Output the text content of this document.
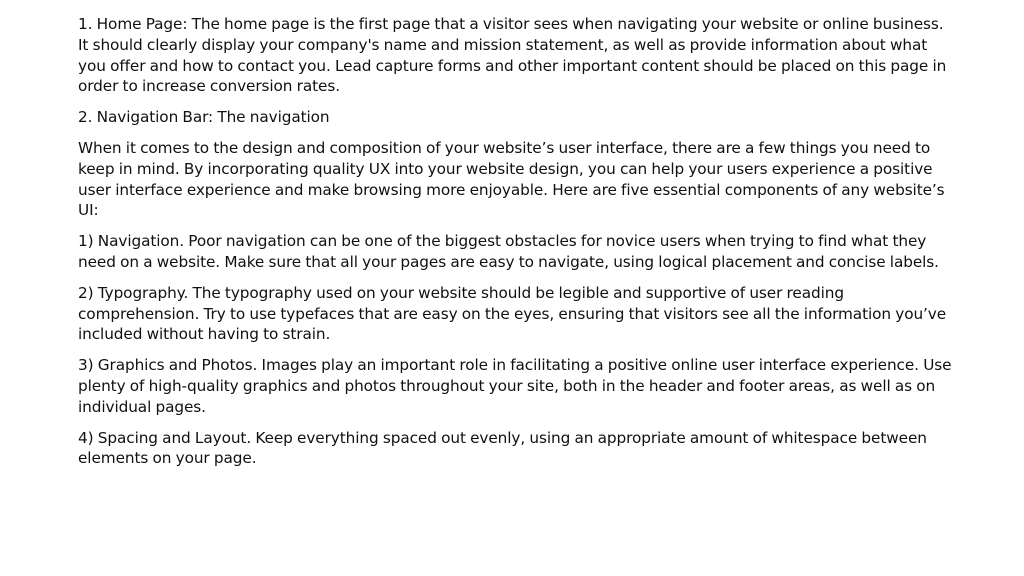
1. Home Page: The home page is the first page that a visitor sees when navigating your website or online business. It should clearly display your company's name and mission statement, as well as provide information about what you offer and how to contact you. Lead capture forms and other important content should be placed on this page in order to increase conversion rates.

2. Navigation Bar: The navigation

When it comes to the design and composition of your website’s user interface, there are a few things you need to keep in mind. By incorporating quality UX into your website design, you can help your users experience a positive user interface experience and make browsing more enjoyable. Here are five essential components of any website’s UI:

1) Navigation. Poor navigation can be one of the biggest obstacles for novice users when trying to find what they need on a website. Make sure that all your pages are easy to navigate, using logical placement and concise labels.

2) Typography. The typography used on your website should be legible and supportive of user reading comprehension. Try to use typefaces that are easy on the eyes, ensuring that visitors see all the information you’ve included without having to strain.

3) Graphics and Photos. Images play an important role in facilitating a positive online user interface experience. Use plenty of high-quality graphics and photos throughout your site, both in the header and footer areas, as well as on individual pages.

4) Spacing and Layout. Keep everything spaced out evenly, using an appropriate amount of whitespace between elements on your page.
